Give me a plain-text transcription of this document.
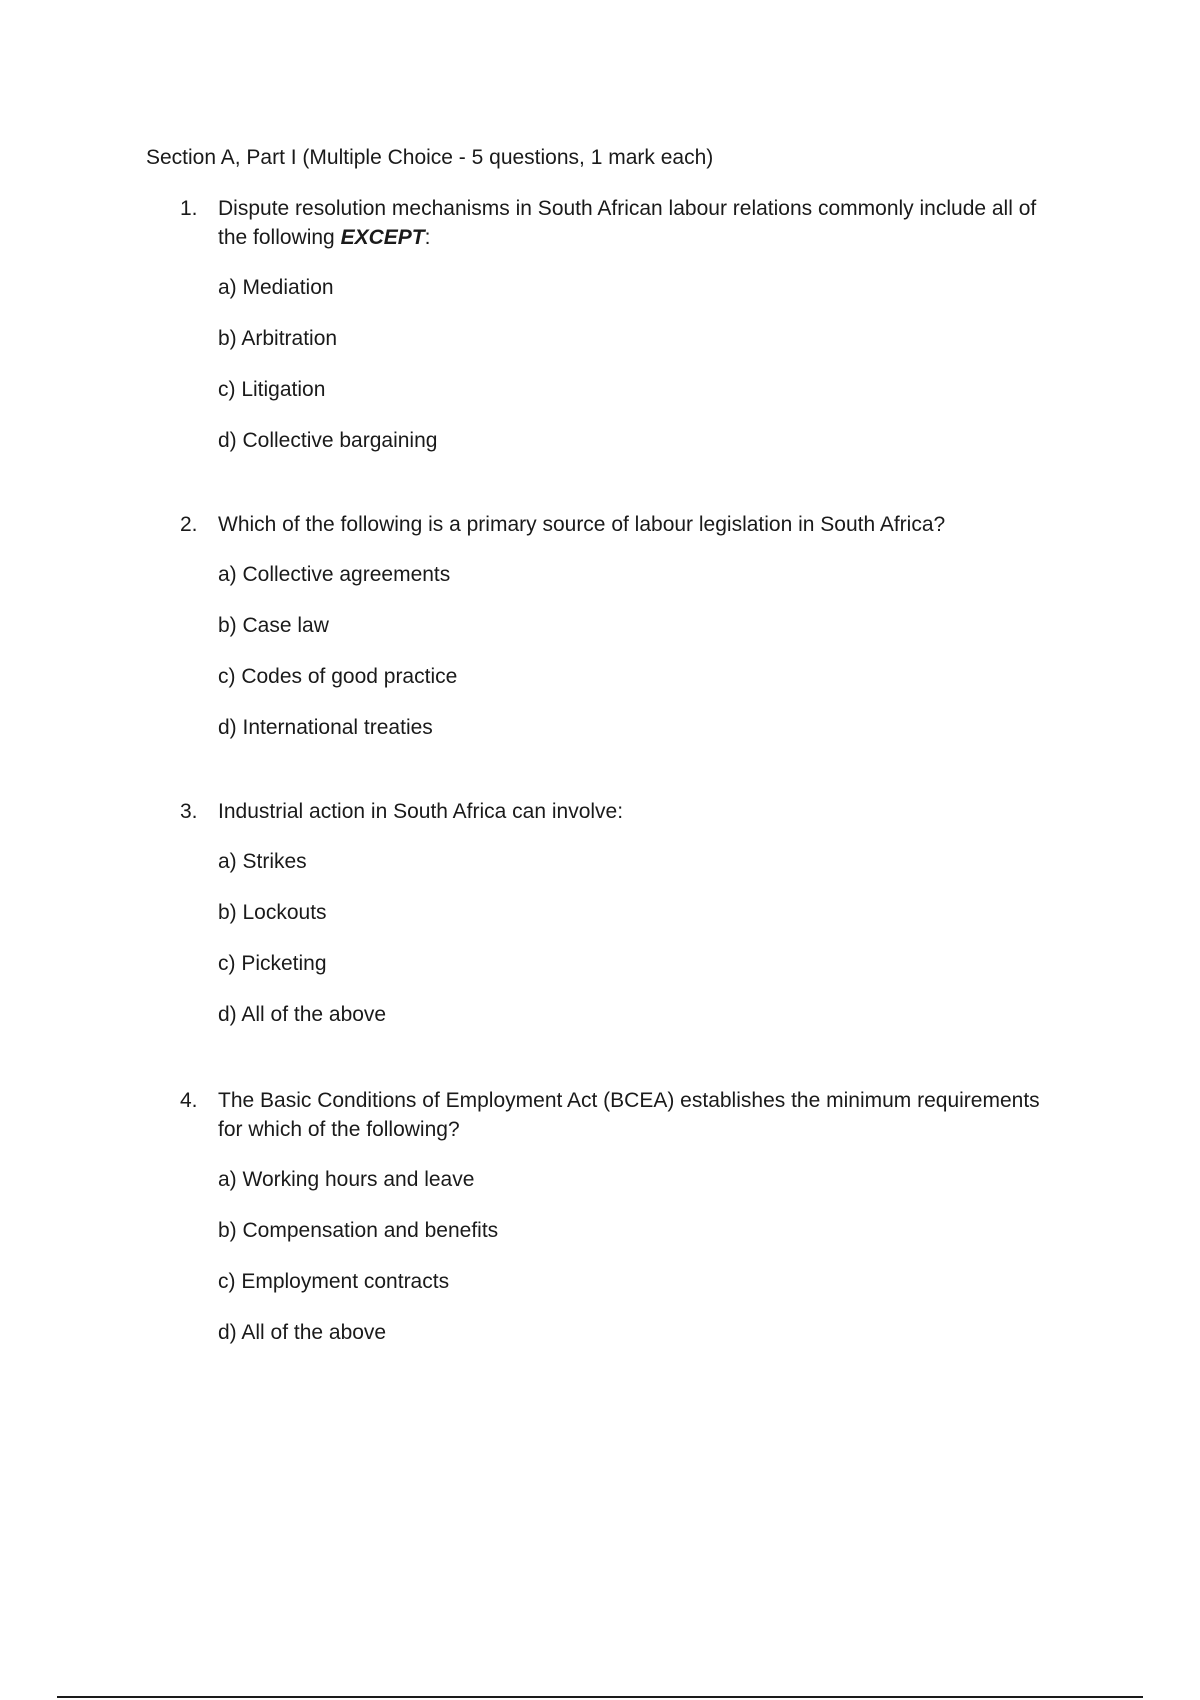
Section A, Part I (Multiple Choice - 5 questions, 1 mark each)
1. Dispute resolution mechanisms in South African labour relations commonly include all of the following EXCEPT:
a) Mediation
b) Arbitration
c) Litigation
d) Collective bargaining
2. Which of the following is a primary source of labour legislation in South Africa?
a) Collective agreements
b) Case law
c) Codes of good practice
d) International treaties
3. Industrial action in South Africa can involve:
a) Strikes
b) Lockouts
c) Picketing
d) All of the above
4. The Basic Conditions of Employment Act (BCEA) establishes the minimum requirements for which of the following?
a) Working hours and leave
b) Compensation and benefits
c) Employment contracts
d) All of the above
